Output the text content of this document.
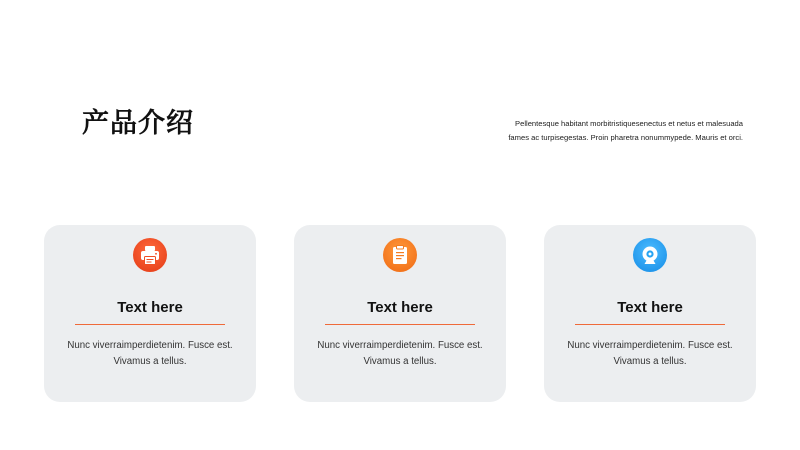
产品介绍	Pellentesque habitant morbitristiquesenectus et netus et malesuada fames ac turpisegestas. Proin pharetra nonummypede. Mauris et orci.
Text here
Nunc viverraimperdietenim. Fusce est. Vivamus a tellus.
Text here
Nunc viverraimperdietenim. Fusce est. Vivamus a tellus.
Text here
Nunc viverraimperdietenim. Fusce est. Vivamus a tellus.
